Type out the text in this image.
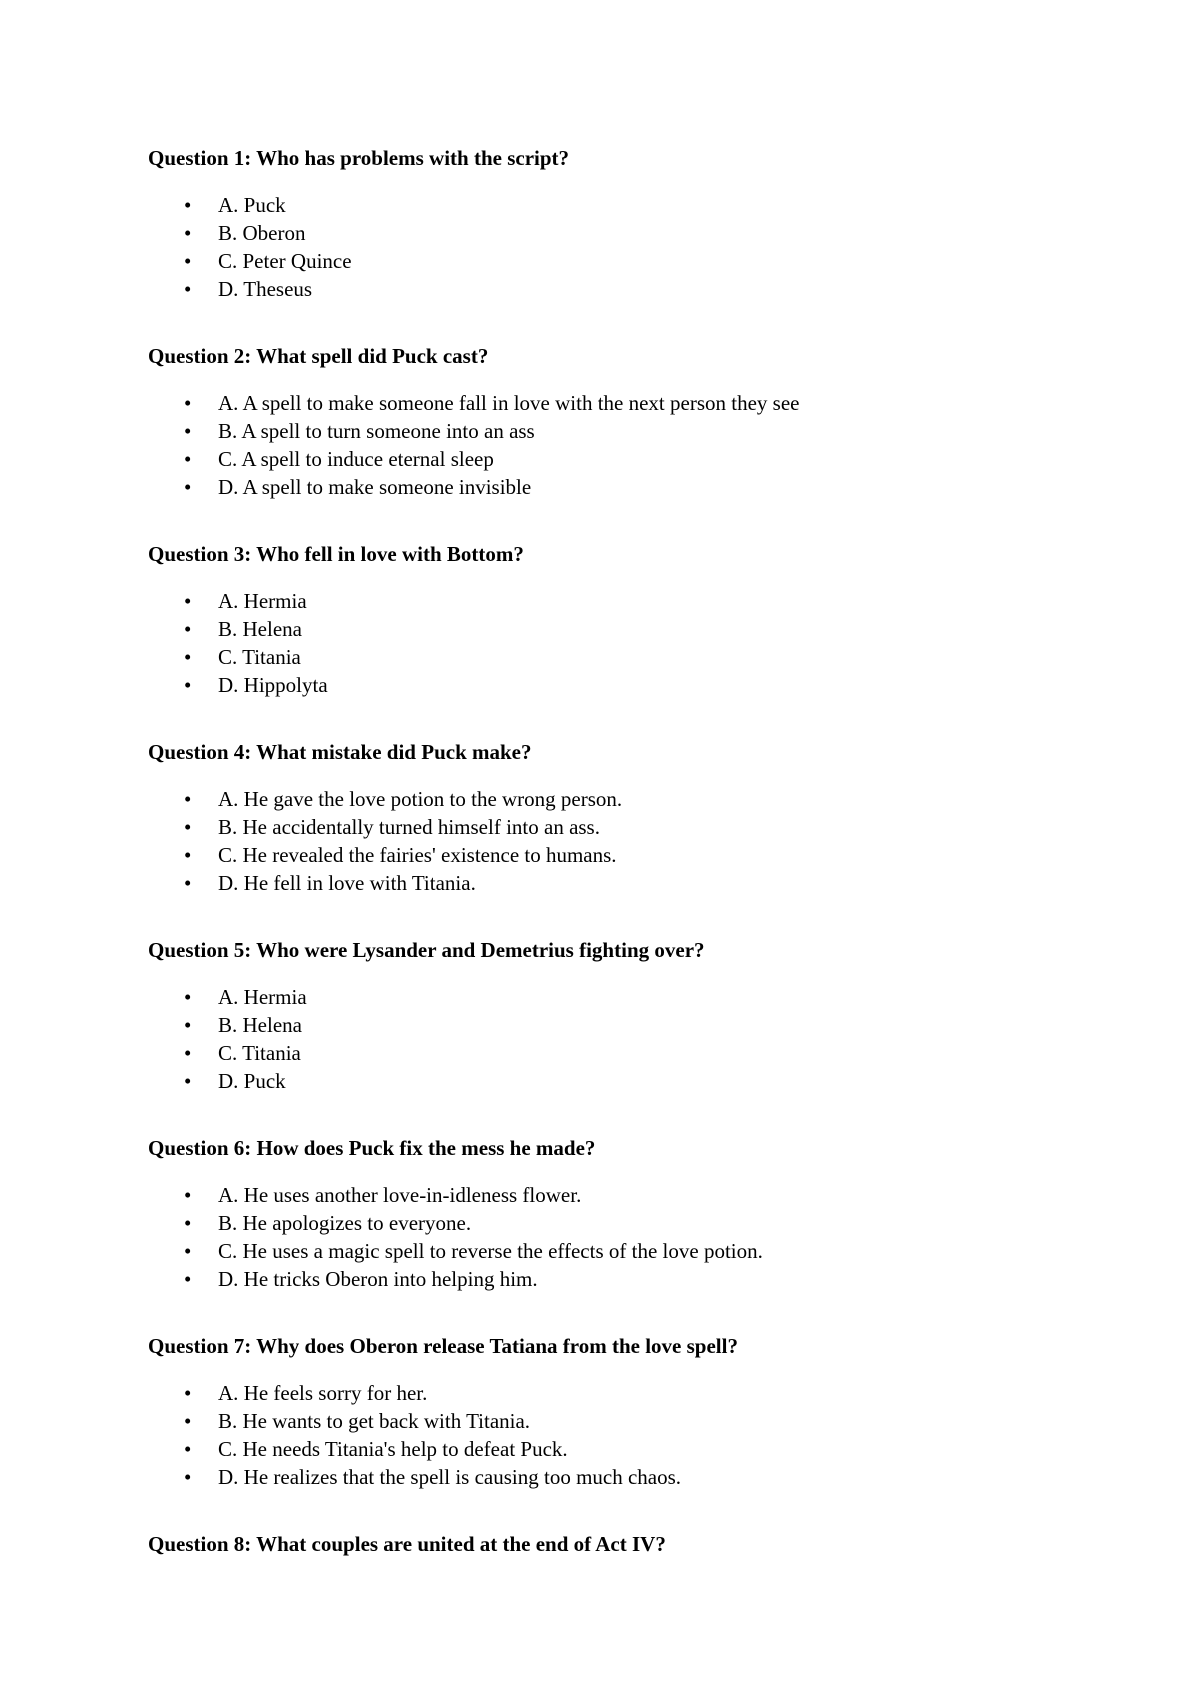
Question 1: Who has problems with the script?
• A. Puck
• B. Oberon
• C. Peter Quince
• D. Theseus
Question 2: What spell did Puck cast?
• A. A spell to make someone fall in love with the next person they see
• B. A spell to turn someone into an ass
• C. A spell to induce eternal sleep
• D. A spell to make someone invisible
Question 3: Who fell in love with Bottom?
• A. Hermia
• B. Helena
• C. Titania
• D. Hippolyta
Question 4: What mistake did Puck make?
• A. He gave the love potion to the wrong person.
• B. He accidentally turned himself into an ass.
• C. He revealed the fairies' existence to humans.
• D. He fell in love with Titania.
Question 5: Who were Lysander and Demetrius fighting over?
• A. Hermia
• B. Helena
• C. Titania
• D. Puck
Question 6: How does Puck fix the mess he made?
• A. He uses another love-in-idleness flower.
• B. He apologizes to everyone.
• C. He uses a magic spell to reverse the effects of the love potion.
• D. He tricks Oberon into helping him.
Question 7: Why does Oberon release Tatiana from the love spell?
• A. He feels sorry for her.
• B. He wants to get back with Titania.
• C. He needs Titania's help to defeat Puck.
• D. He realizes that the spell is causing too much chaos.
Question 8: What couples are united at the end of Act IV?
